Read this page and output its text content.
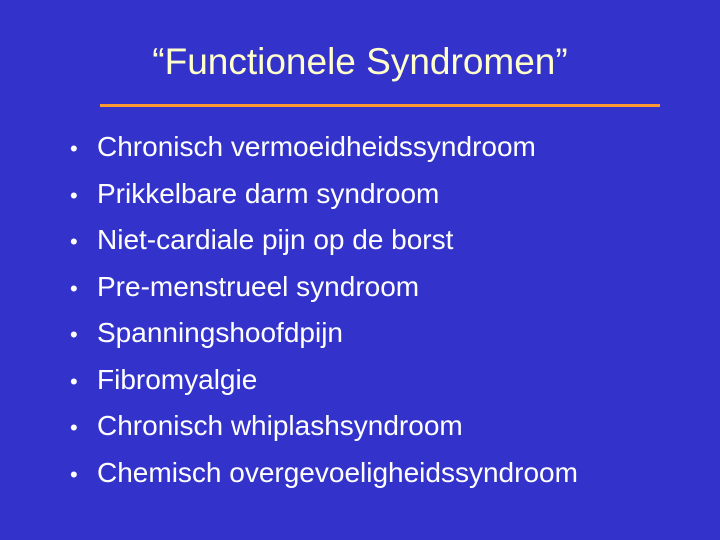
“Functionele Syndromen”
• Chronisch vermoeidheidssyndroom
• Prikkelbare darm syndroom
• Niet-cardiale pijn op de borst
• Pre-menstrueel syndroom
• Spanningshoofdpijn
• Fibromyalgie
• Chronisch whiplashsyndroom
• Chemisch overgevoeligheidssyndroom
